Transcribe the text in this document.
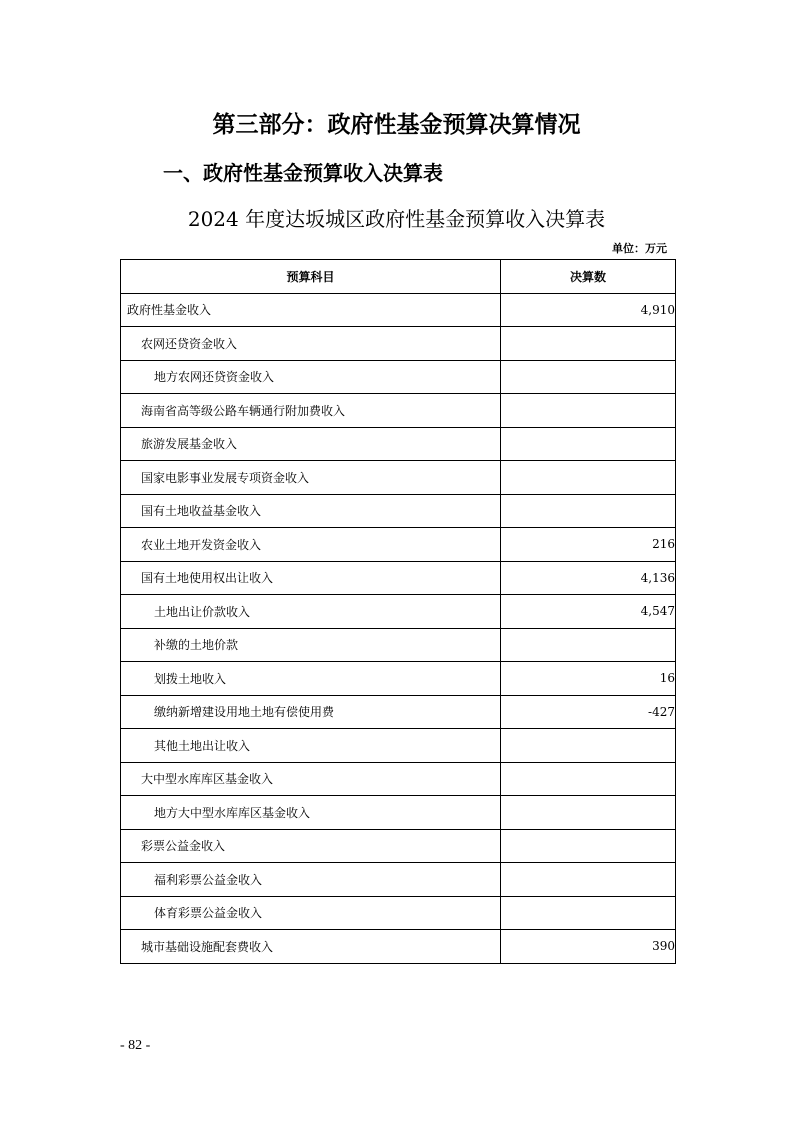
第三部分：政府性基金预算决算情况
一、政府性基金预算收入决算表
2024 年度达坂城区政府性基金预算收入决算表
单位：万元
预算科目	决算数
政府性基金收入	4,910
农网还贷资金收入	
地方农网还贷资金收入	
海南省高等级公路车辆通行附加费收入	
旅游发展基金收入	
国家电影事业发展专项资金收入	
国有土地收益基金收入	
农业土地开发资金收入	216
国有土地使用权出让收入	4,136
土地出让价款收入	4,547
补缴的土地价款	
划拨土地收入	16
缴纳新增建设用地土地有偿使用费	-427
其他土地出让收入	
大中型水库库区基金收入	
地方大中型水库库区基金收入	
彩票公益金收入	
福利彩票公益金收入	
体育彩票公益金收入	
城市基础设施配套费收入	390
- 82 -
